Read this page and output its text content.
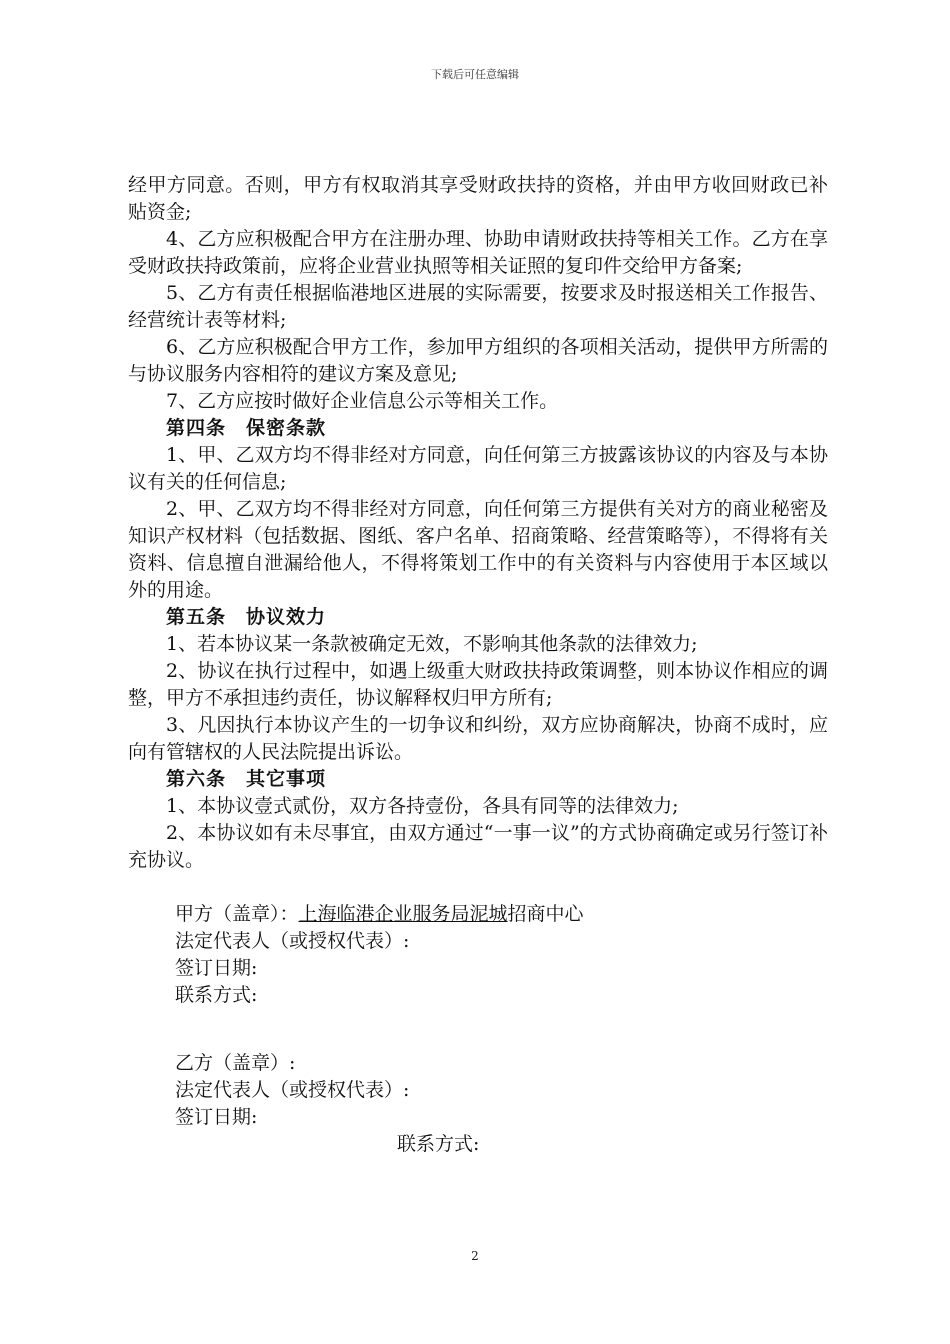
下载后可任意编辑

经甲方同意。否则，甲方有权取消其享受财政扶持的资格，并由甲方收回财政已补贴资金;

4、乙方应积极配合甲方在注册办理、协助申请财政扶持等相关工作。乙方在享受财政扶持政策前，应将企业营业执照等相关证照的复印件交给甲方备案;

5、乙方有责任根据临港地区进展的实际需要，按要求及时报送相关工作报告、经营统计表等材料;

6、乙方应积极配合甲方工作，参加甲方组织的各项相关活动，提供甲方所需的与协议服务内容相符的建议方案及意见;

7、乙方应按时做好企业信息公示等相关工作。

第四条　保密条款

1、甲、乙双方均不得非经对方同意，向任何第三方披露该协议的内容及与本协议有关的任何信息;

2、甲、乙双方均不得非经对方同意，向任何第三方提供有关对方的商业秘密及知识产权材料（包括数据、图纸、客户名单、招商策略、经营策略等），不得将有关资料、信息擅自泄漏给他人，不得将策划工作中的有关资料与内容使用于本区域以外的用途。

第五条　协议效力

1、若本协议某一条款被确定无效，不影响其他条款的法律效力;

2、协议在执行过程中，如遇上级重大财政扶持政策调整，则本协议作相应的调整，甲方不承担违约责任，协议解释权归甲方所有;

3、凡因执行本协议产生的一切争议和纠纷，双方应协商解决，协商不成时，应向有管辖权的人民法院提出诉讼。

第六条　其它事项

1、本协议壹式贰份，双方各持壹份，各具有同等的法律效力;

2、本协议如有未尽事宜，由双方通过“一事一议”的方式协商确定或另行签订补充协议。

甲方（盖章）：上海临港企业服务局泥城招商中心
法定代表人（或授权代表）:
签订日期:
联系方式:
乙方（盖章）:
法定代表人（或授权代表）:
签订日期:
联系方式:
2
